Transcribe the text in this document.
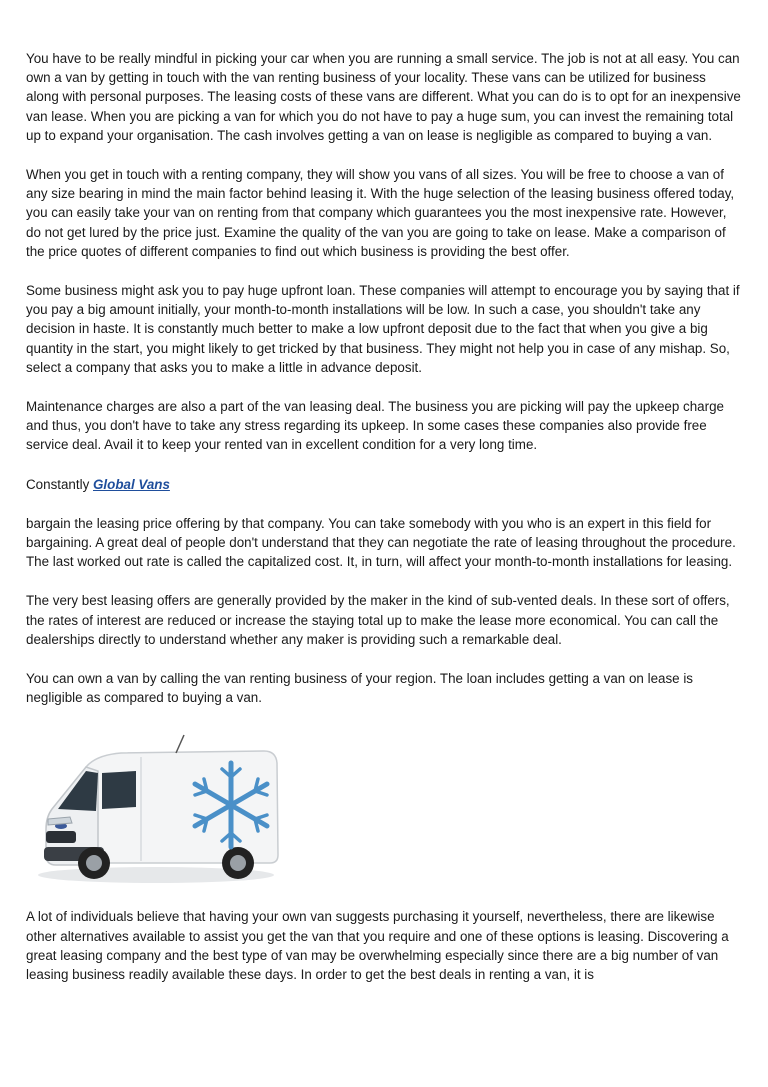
You have to be really mindful in picking your car when you are running a small service. The job is not at all easy. You can own a van by getting in touch with the van renting business of your locality. These vans can be utilized for business along with personal purposes. The leasing costs of these vans are different. What you can do is to opt for an inexpensive van lease. When you are picking a van for which you do not have to pay a huge sum, you can invest the remaining total up to expand your organisation. The cash involves getting a van on lease is negligible as compared to buying a van.

When you get in touch with a renting company, they will show you vans of all sizes. You will be free to choose a van of any size bearing in mind the main factor behind leasing it. With the huge selection of the leasing business offered today, you can easily take your van on renting from that company which guarantees you the most inexpensive rate. However, do not get lured by the price just. Examine the quality of the van you are going to take on lease. Make a comparison of the price quotes of different companies to find out which business is providing the best offer.

Some business might ask you to pay huge upfront loan. These companies will attempt to encourage you by saying that if you pay a big amount initially, your month-to-month installations will be low. In such a case, you shouldn't take any decision in haste. It is constantly much better to make a low upfront deposit due to the fact that when you give a big quantity in the start, you might likely to get tricked by that business. They might not help you in case of any mishap. So, select a company that asks you to make a little in advance deposit.

Maintenance charges are also a part of the van leasing deal. The business you are picking will pay the upkeep charge and thus, you don't have to take any stress regarding its upkeep. In some cases these companies also provide free service deal. Avail it to keep your rented van in excellent condition for a very long time.

Constantly Global Vans

bargain the leasing price offering by that company. You can take somebody with you who is an expert in this field for bargaining. A great deal of people don't understand that they can negotiate the rate of leasing throughout the procedure. The last worked out rate is called the capitalized cost. It, in turn, will affect your month-to-month installations for leasing.

The very best leasing offers are generally provided by the maker in the kind of sub-vented deals. In these sort of offers, the rates of interest are reduced or increase the staying total up to make the lease more economical. You can call the dealerships directly to understand whether any maker is providing such a remarkable deal.

You can own a van by calling the van renting business of your region. The loan includes getting a van on lease is negligible as compared to buying a van.

A lot of individuals believe that having your own van suggests purchasing it yourself, nevertheless, there are likewise other alternatives available to assist you get the van that you require and one of these options is leasing. Discovering a great leasing company and the best type of van may be overwhelming especially since there are a big number of van leasing business readily available these days. In order to get the best deals in renting a van, it is
